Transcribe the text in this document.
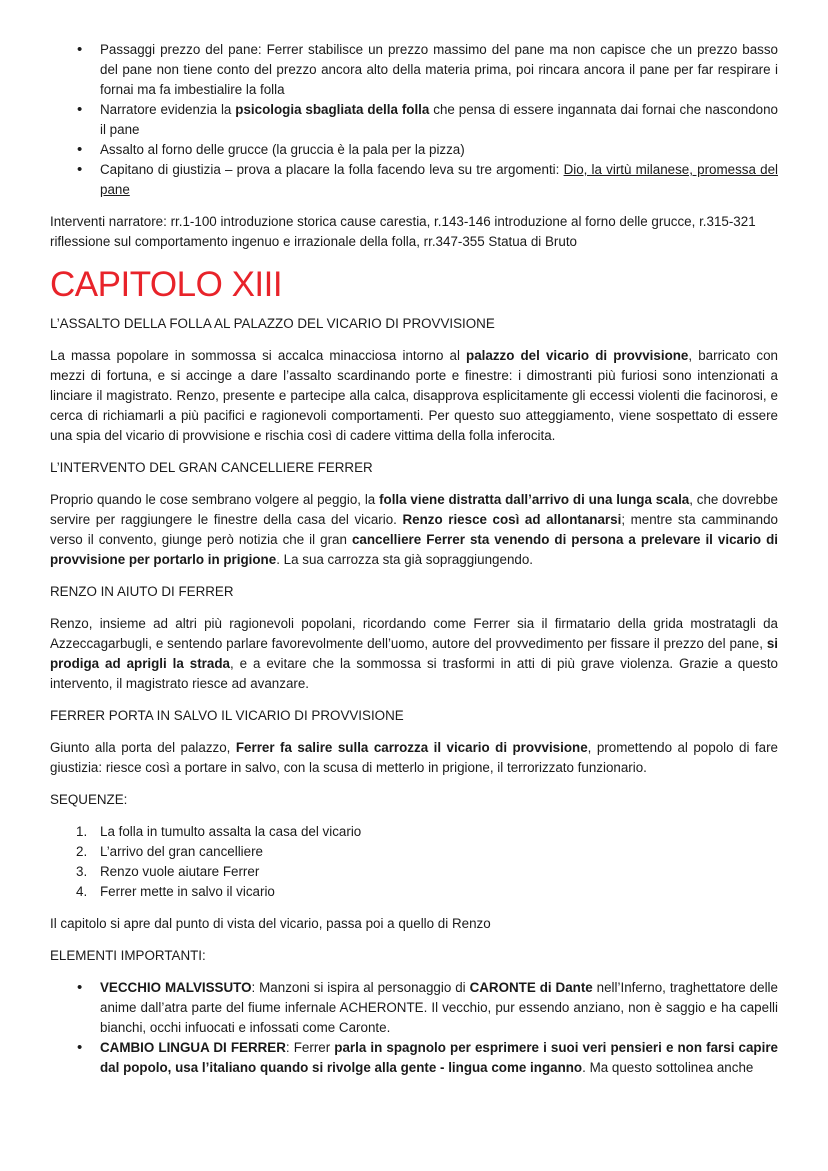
• Passaggi prezzo del pane: Ferrer stabilisce un prezzo massimo del pane ma non capisce che un prezzo basso del pane non tiene conto del prezzo ancora alto della materia prima, poi rincara ancora il pane per far respirare i fornai ma fa imbestialire la folla
• Narratore evidenzia la psicologia sbagliata della folla che pensa di essere ingannata dai fornai che nascondono il pane
• Assalto al forno delle grucce (la gruccia è la pala per la pizza)
• Capitano di giustizia – prova a placare la folla facendo leva su tre argomenti: Dio, la virtù milanese, promessa del pane

Interventi narratore: rr.1-100 introduzione storica cause carestia, r.143-146 introduzione al forno delle grucce, r.315-321 riflessione sul comportamento ingenuo e irrazionale della folla, rr.347-355 Statua di Bruto

CAPITOLO XIII

L’ASSALTO DELLA FOLLA AL PALAZZO DEL VICARIO DI PROVVISIONE

La massa popolare in sommossa si accalca minacciosa intorno al palazzo del vicario di provvisione, barricato con mezzi di fortuna, e si accinge a dare l’assalto scardinando porte e finestre: i dimostranti più furiosi sono intenzionati a linciare il magistrato. Renzo, presente e partecipe alla calca, disapprova esplicitamente gli eccessi violenti die facinorosi, e cerca di richiamarli a più pacifici e ragionevoli comportamenti. Per questo suo atteggiamento, viene sospettato di essere una spia del vicario di provvisione e rischia così di cadere vittima della folla inferocita.

L’INTERVENTO DEL GRAN CANCELLIERE FERRER

Proprio quando le cose sembrano volgere al peggio, la folla viene distratta dall’arrivo di una lunga scala, che dovrebbe servire per raggiungere le finestre della casa del vicario. Renzo riesce così ad allontanarsi; mentre sta camminando verso il convento, giunge però notizia che il gran cancelliere Ferrer sta venendo di persona a prelevare il vicario di provvisione per portarlo in prigione. La sua carrozza sta già sopraggiungendo.

RENZO IN AIUTO DI FERRER

Renzo, insieme ad altri più ragionevoli popolani, ricordando come Ferrer sia il firmatario della grida mostratagli da Azzeccagarbugli, e sentendo parlare favorevolmente dell’uomo, autore del provvedimento per fissare il prezzo del pane, si prodiga ad aprigli la strada, e a evitare che la sommossa si trasformi in atti di più grave violenza. Grazie a questo intervento, il magistrato riesce ad avanzare.

FERRER PORTA IN SALVO IL VICARIO DI PROVVISIONE

Giunto alla porta del palazzo, Ferrer fa salire sulla carrozza il vicario di provvisione, promettendo al popolo di fare giustizia: riesce così a portare in salvo, con la scusa di metterlo in prigione, il terrorizzato funzionario.

SEQUENZE:

1. La folla in tumulto assalta la casa del vicario
2. L’arrivo del gran cancelliere
3. Renzo vuole aiutare Ferrer
4. Ferrer mette in salvo il vicario

Il capitolo si apre dal punto di vista del vicario, passa poi a quello di Renzo

ELEMENTI IMPORTANTI:

• VECCHIO MALVISSUTO: Manzoni si ispira al personaggio di CARONTE di Dante nell’Inferno, traghettatore delle anime dall’atra parte del fiume infernale ACHERONTE. Il vecchio, pur essendo anziano, non è saggio e ha capelli bianchi, occhi infuocati e infossati come Caronte.
• CAMBIO LINGUA DI FERRER: Ferrer parla in spagnolo per esprimere i suoi veri pensieri e non farsi capire dal popolo, usa l’italiano quando si rivolge alla gente - lingua come inganno. Ma questo sottolinea anche
